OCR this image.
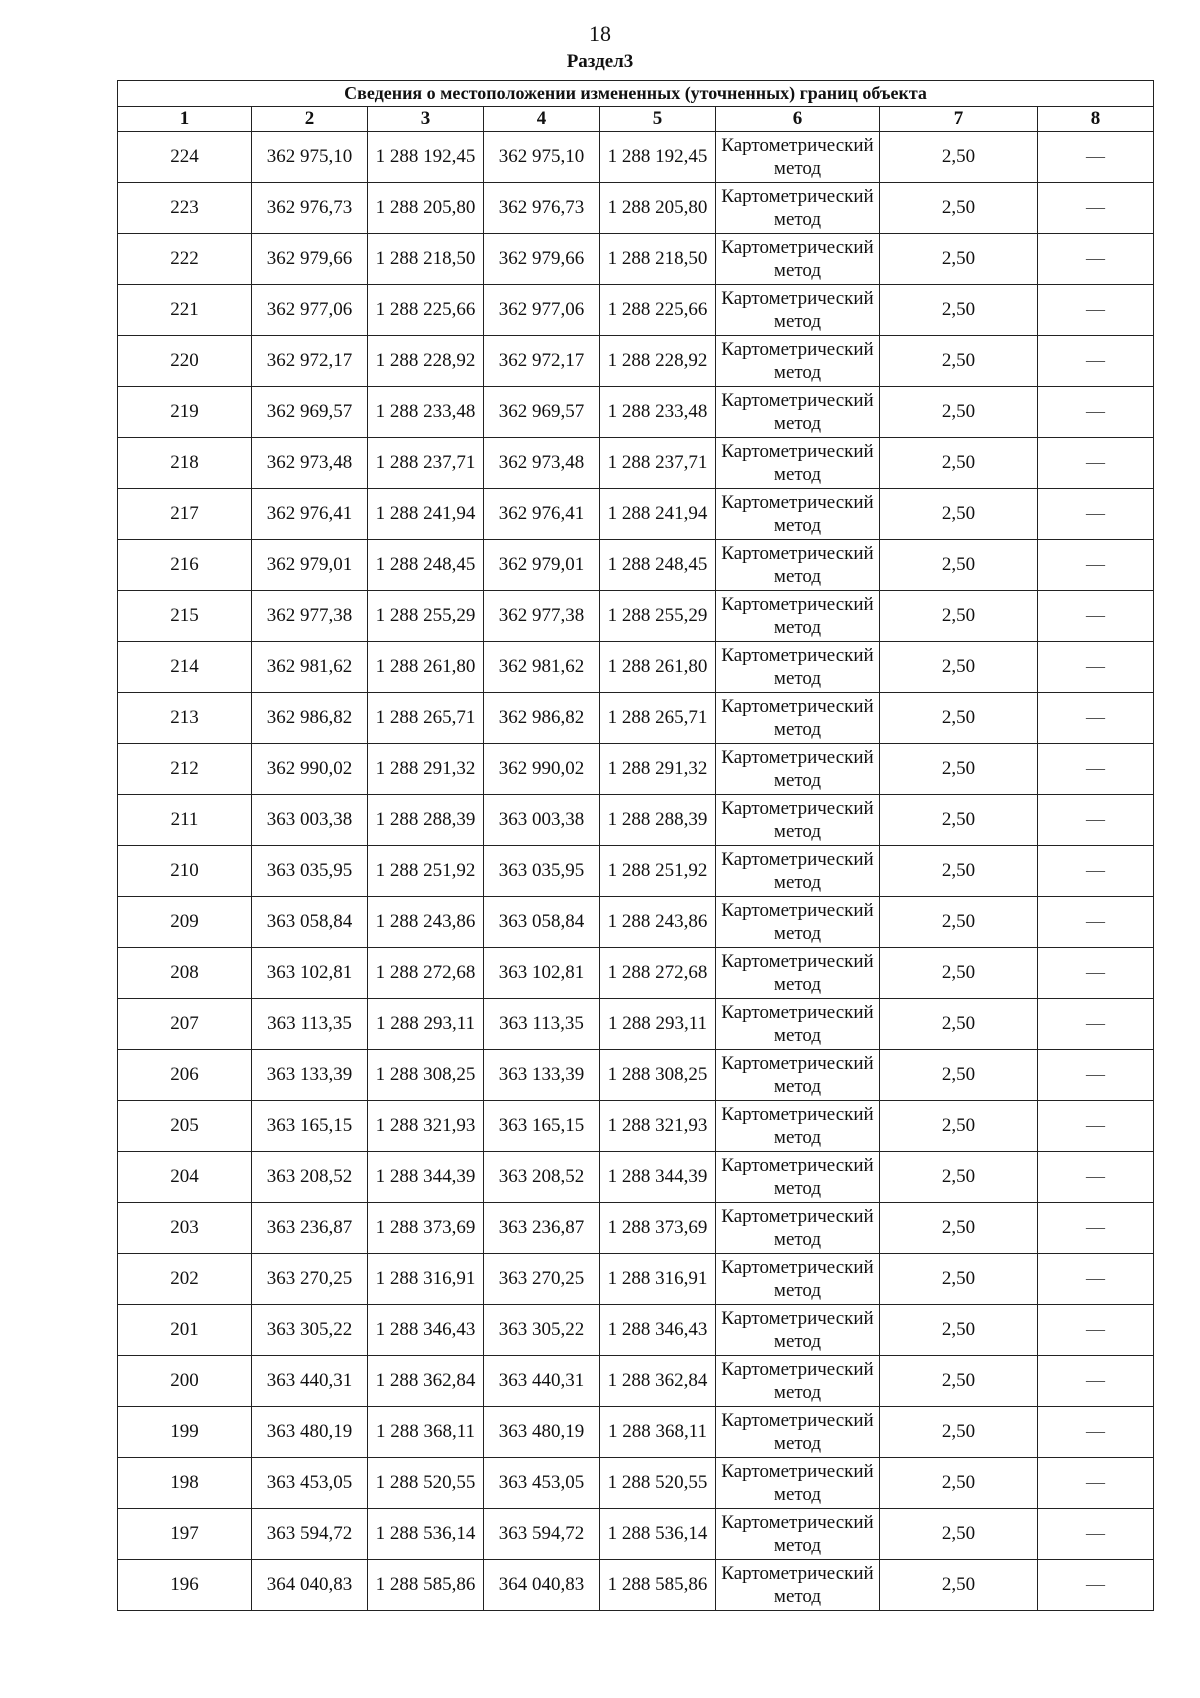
18
Раздел3
Сведения о местоположении измененных (уточненных) границ объекта							
1	2	3	4	5	6	7	8
224	362 975,10	1 288 192,45	362 975,10	1 288 192,45	Картометрический метод	2,50	—
223	362 976,73	1 288 205,80	362 976,73	1 288 205,80	Картометрический метод	2,50	—
222	362 979,66	1 288 218,50	362 979,66	1 288 218,50	Картометрический метод	2,50	—
221	362 977,06	1 288 225,66	362 977,06	1 288 225,66	Картометрический метод	2,50	—
220	362 972,17	1 288 228,92	362 972,17	1 288 228,92	Картометрический метод	2,50	—
219	362 969,57	1 288 233,48	362 969,57	1 288 233,48	Картометрический метод	2,50	—
218	362 973,48	1 288 237,71	362 973,48	1 288 237,71	Картометрический метод	2,50	—
217	362 976,41	1 288 241,94	362 976,41	1 288 241,94	Картометрический метод	2,50	—
216	362 979,01	1 288 248,45	362 979,01	1 288 248,45	Картометрический метод	2,50	—
215	362 977,38	1 288 255,29	362 977,38	1 288 255,29	Картометрический метод	2,50	—
214	362 981,62	1 288 261,80	362 981,62	1 288 261,80	Картометрический метод	2,50	—
213	362 986,82	1 288 265,71	362 986,82	1 288 265,71	Картометрический метод	2,50	—
212	362 990,02	1 288 291,32	362 990,02	1 288 291,32	Картометрический метод	2,50	—
211	363 003,38	1 288 288,39	363 003,38	1 288 288,39	Картометрический метод	2,50	—
210	363 035,95	1 288 251,92	363 035,95	1 288 251,92	Картометрический метод	2,50	—
209	363 058,84	1 288 243,86	363 058,84	1 288 243,86	Картометрический метод	2,50	—
208	363 102,81	1 288 272,68	363 102,81	1 288 272,68	Картометрический метод	2,50	—
207	363 113,35	1 288 293,11	363 113,35	1 288 293,11	Картометрический метод	2,50	—
206	363 133,39	1 288 308,25	363 133,39	1 288 308,25	Картометрический метод	2,50	—
205	363 165,15	1 288 321,93	363 165,15	1 288 321,93	Картометрический метод	2,50	—
204	363 208,52	1 288 344,39	363 208,52	1 288 344,39	Картометрический метод	2,50	—
203	363 236,87	1 288 373,69	363 236,87	1 288 373,69	Картометрический метод	2,50	—
202	363 270,25	1 288 316,91	363 270,25	1 288 316,91	Картометрический метод	2,50	—
201	363 305,22	1 288 346,43	363 305,22	1 288 346,43	Картометрический метод	2,50	—
200	363 440,31	1 288 362,84	363 440,31	1 288 362,84	Картометрический метод	2,50	—
199	363 480,19	1 288 368,11	363 480,19	1 288 368,11	Картометрический метод	2,50	—
198	363 453,05	1 288 520,55	363 453,05	1 288 520,55	Картометрический метод	2,50	—
197	363 594,72	1 288 536,14	363 594,72	1 288 536,14	Картометрический метод	2,50	—
196	364 040,83	1 288 585,86	364 040,83	1 288 585,86	Картометрический метод	2,50	—
